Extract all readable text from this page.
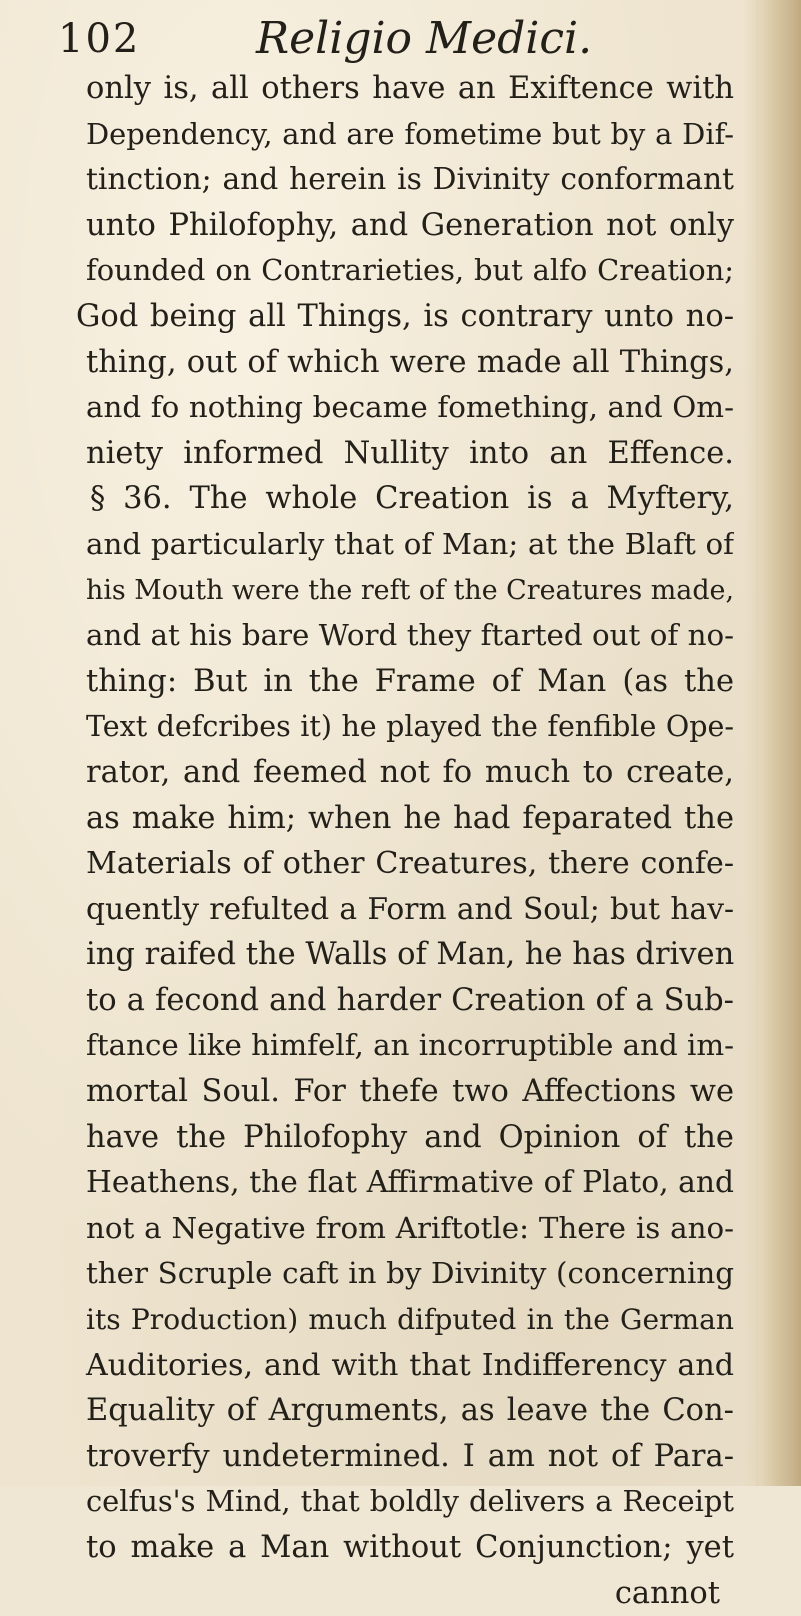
102	Religio Medici.
only is, all others have an Exiftence with
Dependency, and are fometime but by a Dif-
tinction; and herein is Divinity conformant
unto Philofophy, and Generation not only
founded on Contrarieties, but alfo Creation;
God being all Things, is contrary unto no-
thing, out of which were made all Things,
and fo nothing became fomething, and Om-
niety informed Nullity into an Effence.
§ 36. The whole Creation is a Myftery,
and particularly that of Man; at the Blaft of
his Mouth were the reft of the Creatures made,
and at his bare Word they ftarted out of no-
thing: But in the Frame of Man (as the
Text defcribes it) he played the fenfible Ope-
rator, and feemed not fo much to create,
as make him; when he had feparated the
Materials of other Creatures, there confe-
quently refulted a Form and Soul; but hav-
ing raifed the Walls of Man, he has driven
to a fecond and harder Creation of a Sub-
ftance like himfelf, an incorruptible and im-
mortal Soul. For thefe two Affections we
have the Philofophy and Opinion of the
Heathens, the flat Affirmative of Plato, and
not a Negative from Ariftotle: There is ano-
ther Scruple caft in by Divinity (concerning
its Production) much difputed in the German
Auditories, and with that Indifferency and
Equality of Arguments, as leave the Con-
troverfy undetermined. I am not of Para-
celfus's Mind, that boldly delivers a Receipt
to make a Man without Conjunction; yet
cannot
